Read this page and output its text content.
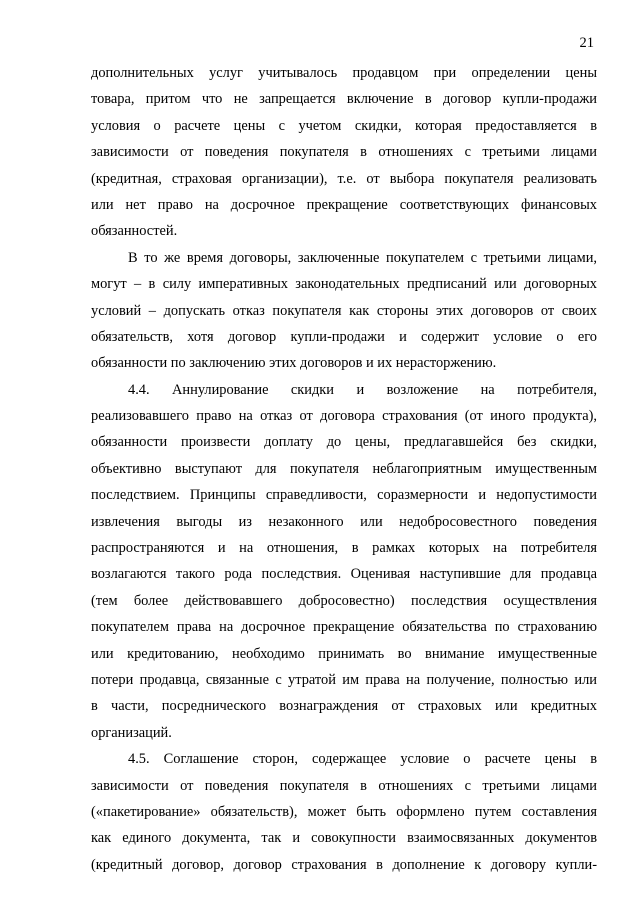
21
дополнительных услуг учитывалось продавцом при определении цены
товара, притом что не запрещается включение в договор купли-продажи
условия о расчете цены с учетом скидки, которая предоставляется в
зависимости от поведения покупателя в отношениях с третьими лицами
(кредитная, страховая организации), т.е. от выбора покупателя реализовать
или нет право на досрочное прекращение соответствующих финансовых
обязанностей.
В то же время договоры, заключенные покупателем с третьими лицами,
могут – в силу императивных законодательных предписаний или договорных
условий – допускать отказ покупателя как стороны этих договоров от своих
обязательств, хотя договор купли-продажи и содержит условие о его
обязанности по заключению этих договоров и их нерасторжению.
4.4. Аннулирование скидки и возложение на потребителя,
реализовавшего право на отказ от договора страхования (от иного продукта),
обязанности произвести доплату до цены, предлагавшейся без скидки,
объективно выступают для покупателя неблагоприятным имущественным
последствием. Принципы справедливости, соразмерности и недопустимости
извлечения выгоды из незаконного или недобросовестного поведения
распространяются и на отношения, в рамках которых на потребителя
возлагаются такого рода последствия. Оценивая наступившие для продавца
(тем более действовавшего добросовестно) последствия осуществления
покупателем права на досрочное прекращение обязательства по страхованию
или кредитованию, необходимо принимать во внимание имущественные
потери продавца, связанные с утратой им права на получение, полностью или
в части, посреднического вознаграждения от страховых или кредитных
организаций.
4.5. Соглашение сторон, содержащее условие о расчете цены в
зависимости от поведения покупателя в отношениях с третьими лицами
(«пакетирование» обязательств), может быть оформлено путем составления
как единого документа, так и совокупности взаимосвязанных документов
(кредитный договор, договор страхования в дополнение к договору купли-
